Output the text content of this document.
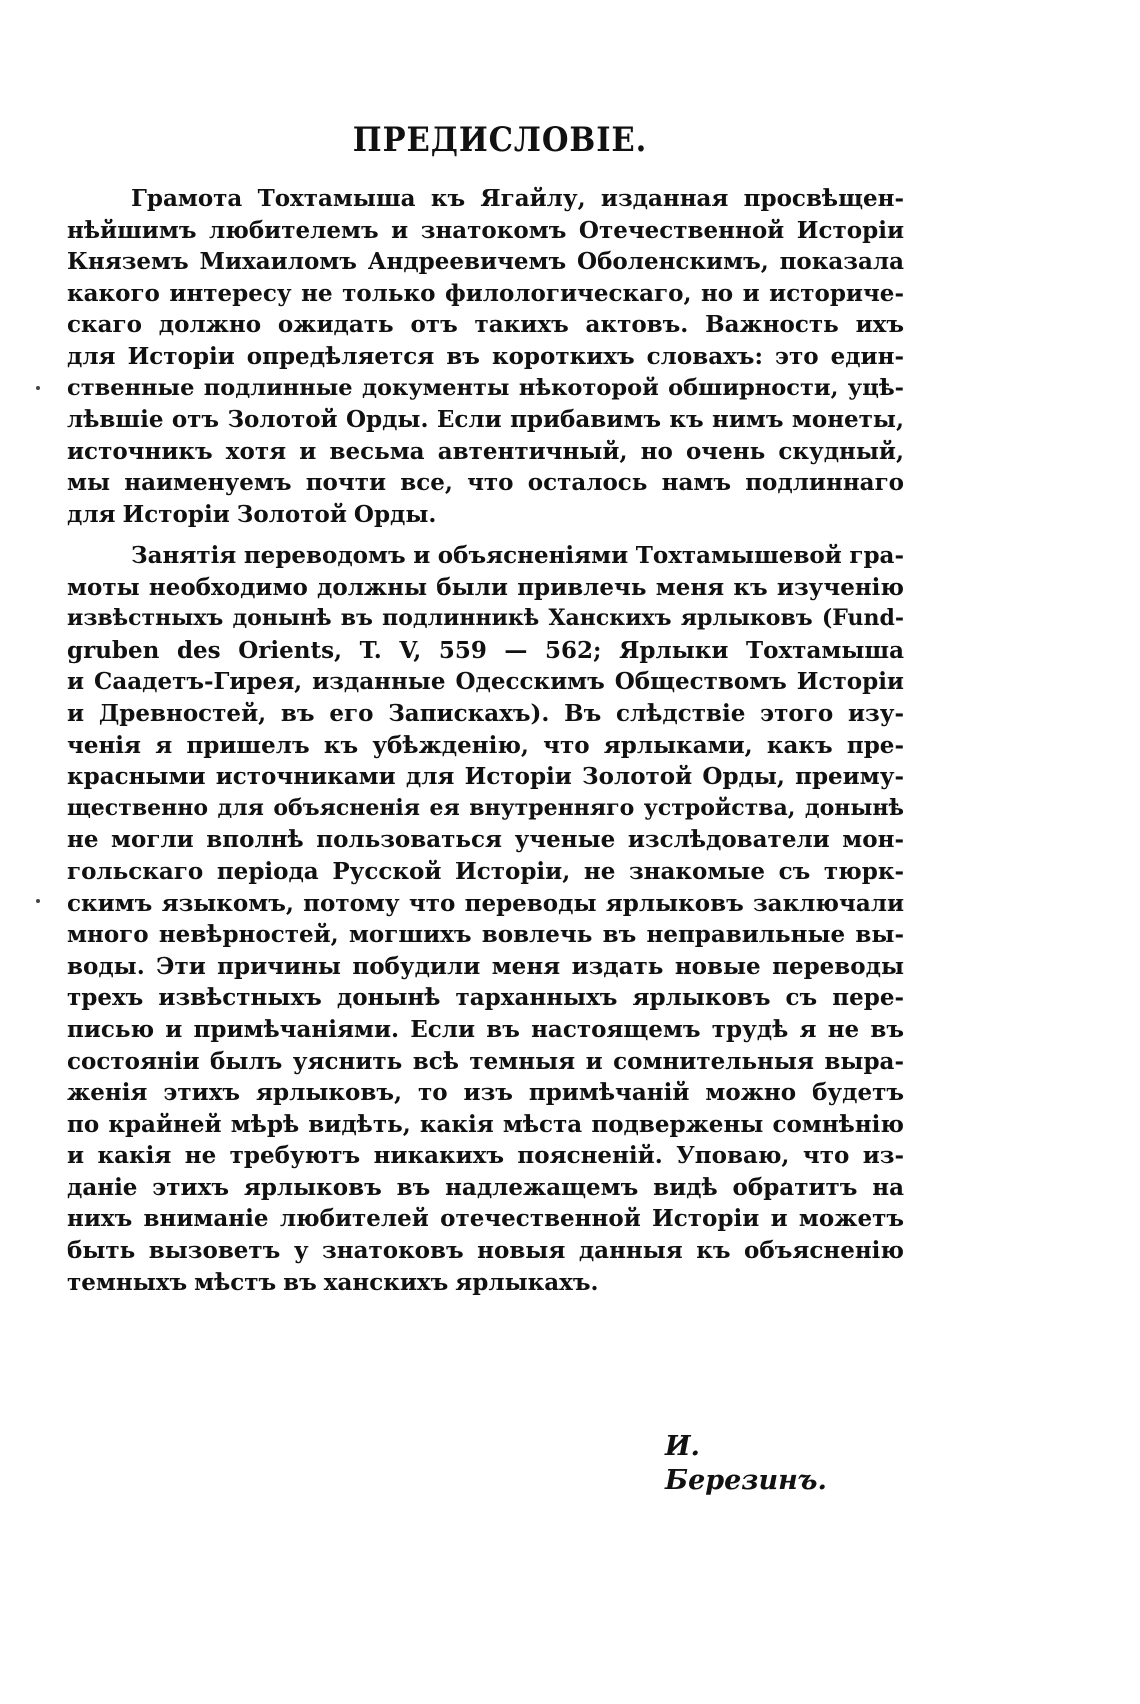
ПРЕДИСЛОВІЕ.
Грамота Тохтамыша къ Ягайлу, изданная просвѣщен-
нѣйшимъ любителемъ и знатокомъ Отечественной Исторіи
Княземъ Михаиломъ Андреевичемъ Оболенскимъ, показала
какого интересу не только филологическаго, но и историче-
скаго должно ожидать отъ такихъ актовъ. Важность ихъ
для Исторіи опредѣляется въ короткихъ словахъ: это един-
ственные подлинные документы нѣкоторой обширности, уцѣ-
лѣвшіе отъ Золотой Орды. Если прибавимъ къ нимъ монеты,
источникъ хотя и весьма автентичный, но очень скудный,
мы наименуемъ почти все, что осталось намъ подлиннаго
для Исторіи Золотой Орды.
Занятія переводомъ и объясненіями Тохтамышевой гра-
моты необходимо должны были привлечь меня къ изученію
извѣстныхъ донынѣ въ подлинникѣ Ханскихъ ярлыковъ (Fund-
gruben des Orients, T. V, 559 — 562; Ярлыки Тохтамыша
и Саадетъ-Гирея, изданные Одесскимъ Обществомъ Исторіи
и Древностей, въ его Запискахъ). Въ слѣдствіе этого изу-
ченія я пришелъ къ убѣжденію, что ярлыками, какъ пре-
красными источниками для Исторіи Золотой Орды, преиму-
щественно для объясненія ея внутренняго устройства, донынѣ
не могли вполнѣ пользоваться ученые изслѣдователи мон-
гольскаго періода Русской Исторіи, не знакомые съ тюрк-
скимъ языкомъ, потому что переводы ярлыковъ заключали
много невѣрностей, могшихъ вовлечь въ неправильные вы-
воды. Эти причины побудили меня издать новые переводы
трехъ извѣстныхъ донынѣ тарханныхъ ярлыковъ съ пере-
писью и примѣчаніями. Если въ настоящемъ трудѣ я не въ
состояніи былъ уяснить всѣ темныя и сомнительныя выра-
женія этихъ ярлыковъ, то изъ примѣчаній можно будетъ
по крайней мѣрѣ видѣть, какія мѣста подвержены сомнѣнію
и какія не требуютъ никакихъ поясненій. Уповаю, что из-
даніе этихъ ярлыковъ въ надлежащемъ видѣ обратитъ на
нихъ вниманіе любителей отечественной Исторіи и можетъ
быть вызоветъ у знатоковъ новыя данныя къ объясненію
темныхъ мѣстъ въ ханскихъ ярлыкахъ.
И. Березинъ.
